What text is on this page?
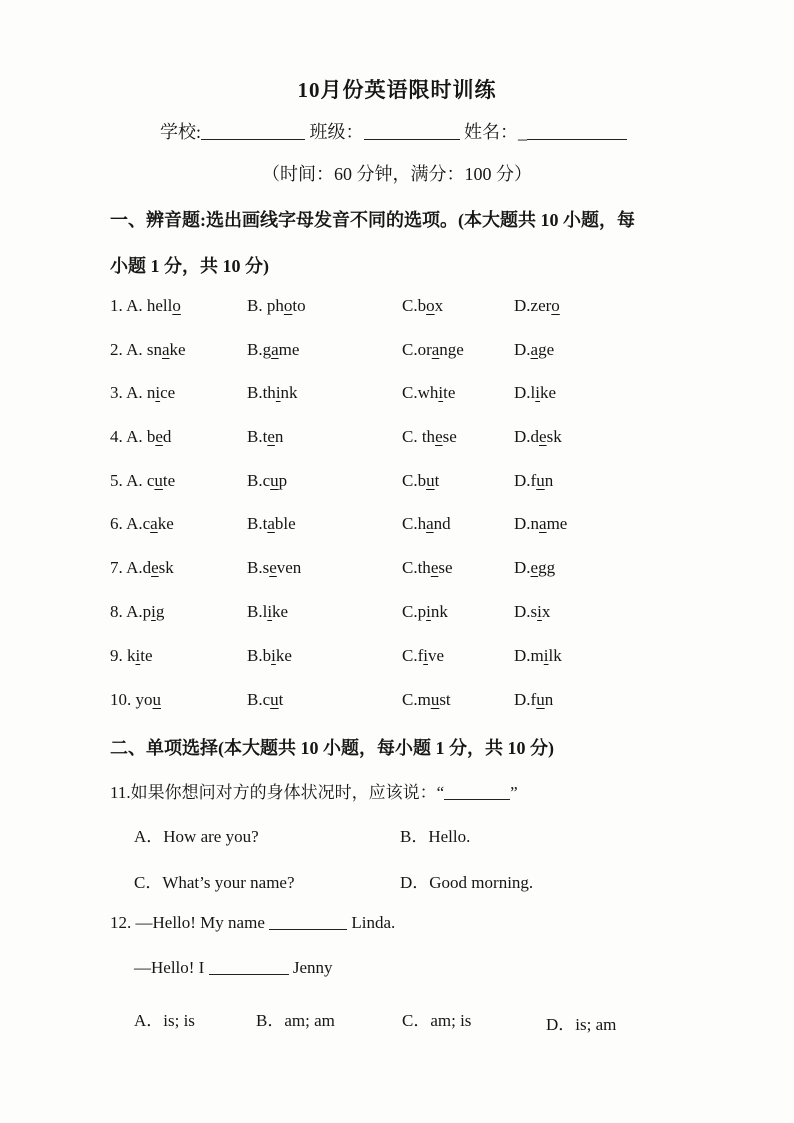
10月份英语限时训练
学校:	班级：	姓名：_
（时间：60 分钟，满分：100 分）
一、辨音题:选出画线字母发音不同的选项。(本大题共 10 小题，每
小题 1 分，共 10 分)
1. A. hello	B. photo	C.box	D.zero
2. A. snake	B.game	C.orange	D.age
3. A. nice	B.think	C.white	D.like
4. A. bed	B.ten	C. these	D.desk
5. A. cute	B.cup	C.but	D.fun
6. A.cake	B.table	C.hand	D.name
7. A.desk	B.seven	C.these	D.egg
8. A.pig	B.like	C.pink	D.six
9. kite	B.bike	C.five	D.milk
10. you	B.cut	C.must	D.fun
二、单项选择(本大题共 10 小题，每小题 1 分，共 10 分)
11.如果你想问对方的身体状况时，应该说：“	”
A．How are you?	B．Hello.
C．What’s your name?	D．Good morning.
12. —Hello! My name	Linda.
—Hello! I	Jenny
A．is; is	B．am; am	C．am; is	D．is; am
